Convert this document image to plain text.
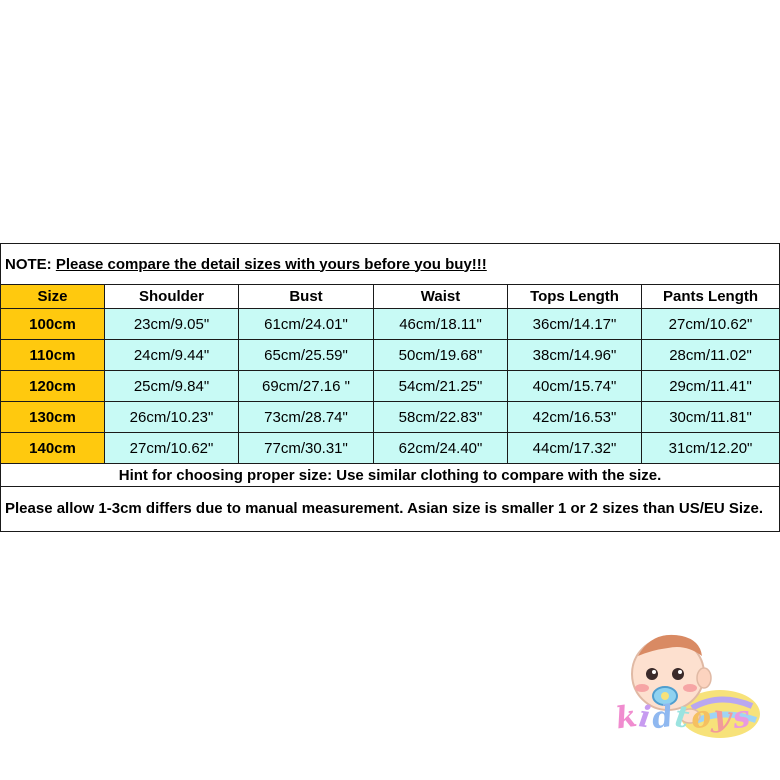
NOTE: Please compare the detail sizes with yours before you buy!!!					
Size	Shoulder	Bust	Waist	Tops Length	Pants Length
100cm	23cm/9.05"	61cm/24.01"	46cm/18.11"	36cm/14.17"	27cm/10.62"
110cm	24cm/9.44"	65cm/25.59"	50cm/19.68"	38cm/14.96"	28cm/11.02"
120cm	25cm/9.84"	69cm/27.16 "	54cm/21.25"	40cm/15.74"	29cm/11.41"
130cm	26cm/10.23"	73cm/28.74"	58cm/22.83"	42cm/16.53"	30cm/11.81"
140cm	27cm/10.62"	77cm/30.31"	62cm/24.40"	44cm/17.32"	31cm/12.20"
Hint for choosing proper size: Use similar clothing to compare with the size.					
Please allow 1-3cm differs due to manual measurement. Asian size is smaller 1 or 2 sizes than US/EU Size.					
kidtoys
